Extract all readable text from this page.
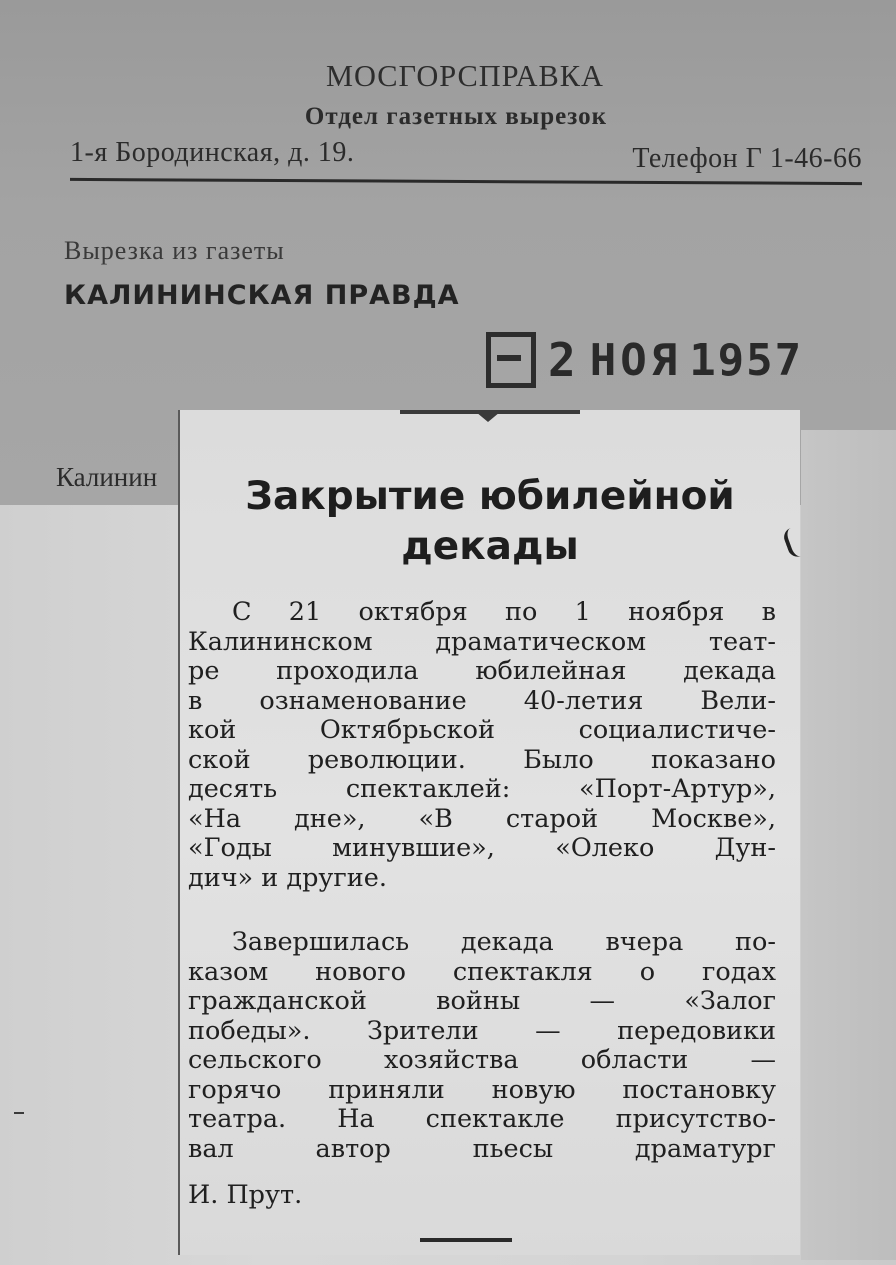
МОСГОРСПРАВКА
Отдел газетных вырезок
1-я Бородинская, д. 19.	Телефон Г 1-46-66
Вырезка из газеты
КАЛИНИНСКАЯ ПРАВДА
2 НОЯ 1957
Калинин	Закрытие юбилейной
декады
С 21 октября по 1 ноября в
Калининском драматическом теат-
ре проходила юбилейная декада
в ознаменование 40-летия Вели-
кой Октябрьской социалистиче-
ской революции. Было показано
десять спектаклей: «Порт-Артур»,
«На дне», «В старой Москве»,
«Годы минувшие», «Олеко Дун-
дич» и другие.
Завершилась декада вчера по-
казом нового спектакля о годах
гражданской войны — «Залог
победы». Зрители — передовики
сельского хозяйства области —
горячо приняли новую постановку
театра. На спектакле присутство-
вал автор пьесы драматург
И. Прут.
